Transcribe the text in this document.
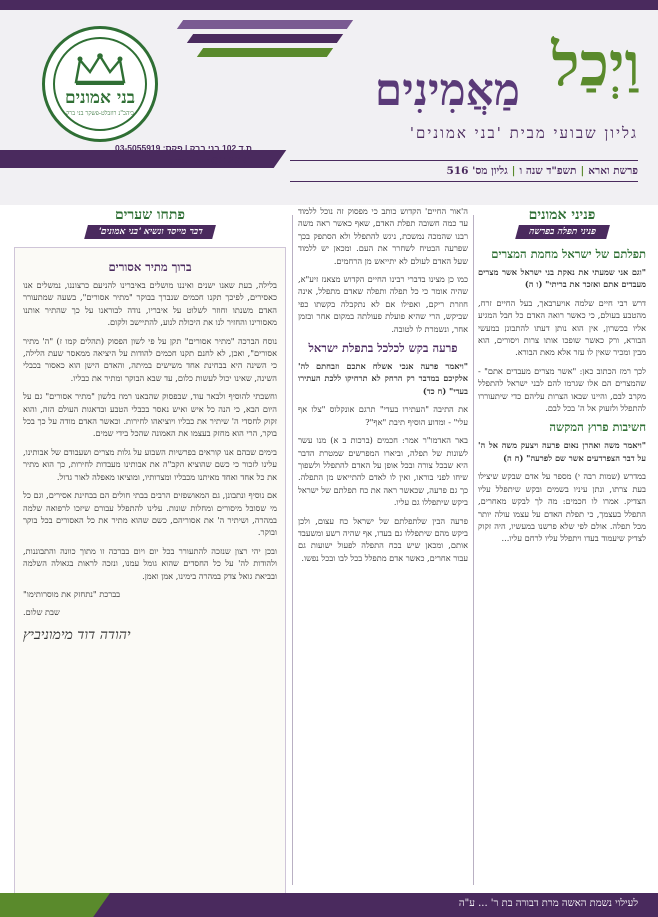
בני אמונים
ביהכ"נ רוזבלט-פשקר בני ברק
ת.ד 102 בני ברק | פקס: 03-5055919
9139191@gmail.com
וַיְכַל
מַאֲמִינִים
גליון שבועי מבית 'בני אמונים'
פרשת וארא|תשפ"ד שנה ו|גליון מס' 516
פניני אמונים
פניני תפלה בפרשה
תפלתם של ישראל מחמת המצרים

"וגם אני שמעתי את נאקת בני ישראל אשר מצרים מעבדים אתם ואזכר את בריתי" (ו ה)

דרש רבי חיים שלמה אויערבאך, בעל החיים זרח, מהטבע בעולם, כי כאשר רואה האדם כל חבל המגיע אליו בכשרון, אין הוא נותן דעתו להתבונן במעשי הבורא, ורק כאשר שופכו אותו צרות ויסורים, הוא מבין ומכיר שאין לו עזר אלא מאת הבורא.

לכך רמז הכתוב כאן: "אשר מצרים מעבדים אתם" - שהמצרים הם אלו שגרמו להם לבני ישראל להתפלל מקרב לבם, והיינו שבאו הצרות עליהם כדי שיתעוררו להתפלל ולזעוק אל ה' בכל לבם.

חשיבות פרוץ המקשה

"ויאמר משה ואהרן נאום פרעה ויצעק משה אל ה' על דבר הצפרדעים אשר שם לפרעה" (ח ה)

במדרש (שמות רבה י) מספר על אדם שבקש שיצילו בעת צרתו, ונתן עיניו בשמים ובקש שיתפלל עליו הצדיק. אמרו לו חכמים: מה לך לבקש מאחרים, התפלל בעצמך, כי תפלת האדם על עצמו עולה יותר מכל תפלה. אולם לפי שלא פרשנו במעשיו, היה זקוק לצדיק שיעמוד בעדו ויתפלל עליו לרחם עליו...

ה'אור החיים' הקדוש כותב כי מפסוק זה נוכל ללמוד עד כמה חשובה תפלת האדם, שאף כאשר ראה משה רבנו שהמכה נמשכת, ניגש להתפלל ולא הסתפק בכך שפרעה הבטיח לשחרר את העם. ומכאן יש ללמוד שעל האדם לעולם לא יתייאש מן הרחמים.

כמו כן מצינו בדברי רבינו החיים הקדוש מצאנז זיע"א, שהיה אומר כי כל תפלה ותפלה שאדם מתפלל, אינה חוזרת ריקם, ואפילו אם לא נתקבלה בקשתו כפי שביקש, הרי שהיא פועלת פעולתה במקום אחר ובזמן אחר, ונשמרת לו לטובה.

פרעה בקש לכלכל בתפלת ישראל

"ויאמר פרעה אנכי אשלח אתכם וזבחתם לה' אלקיכם במדבר רק הרחק לא תרחיקו ללכת העתירו בעדי" (ח כד)

את התיבה "העתירו בעדי" תרגם אונקלוס "צלו אף עלי" - ומדוע הוסיף תיבת "אף"?

באר האדמו"ר אמר: חכמים (ברכות ב א) מנו עשר לשונות של תפלה, וביארו המפרשים שמטרת הדבר היא שבכל צורה ובכל אופן על האדם להתפלל ולשפוך שיחו לפני בוראו, ואין לו לאדם להתייאש מן התפלה. כך גם פרעה, שכאשר ראה את כח תפלתם של ישראל ביקש שיתפללו גם עליו.

פרעה הבין שלתפלתם של ישראל כח עצום, ולכן ביקש מהם שיתפללו גם בעדו, אף שהיה רשע ומשעבד אותם, ומכאן שיש בכח התפלה לפעול ישועות גם עבור אחרים, כאשר אדם מתפלל בכל לבו ובכל נפשו.

פתחו שערים
דבר מייסד ונשיא 'בני אמונים'
ברוך מתיר אסורים

בלילה, בעת שאנו ישנים ואיננו מושלים באיברינו להניעם כרצוננו, נמשלים אנו כאסירים, לפיכך תקנו חכמים שנברך בבוקר "מתיר אסורים", בשעה שמתעורר האדם משנתו וחוזר לשלוט על איבריו, נודה לבוראנו על כך שהתיר אותנו מאסורינו והחזיר לנו את היכולת לנוע, להתיישב ולקום.

נוסח הברכה "מתיר אסורים" תקן על פי לשון הפסוק (תהלים קמו ז) "ה' מתיר אסורים", ואכן, לא לחנם תקנו חכמים להודות על היציאה ממאסר שעת הלילה, כי השינה היא בבחינת אחד משישים במיתה, והאדם הישן הוא כאסור בכבלי השינה, שאינו יכול לעשות כלום, עד שבא הבוקר ומתיר את כבליו.

וחשבתי להוסיף ולבאר עוד, שבפסוק שהבאנו רמוז בלשון "מתיר אסורים" גם על היום הבא, כי הנה כל איש ואיש נאסר בכבלי הטבע ובדאגות העולם הזה, והוא זקוק לחסדי ה' שיתיר את כבליו ויוציאהו לחירות. וכאשר האדם מודה על כך בכל בוקר, הרי הוא מחזק בעצמו את האמונה שהכל בידי שמים.

בימים שבהם אנו קוראים בפרשיות השבוע על גלות מצרים ושעבודם של אבותינו, עלינו לזכור כי כשם שהוציא הקב"ה את אבותינו מעבדות לחירות, כך הוא מתיר את כל אחד ואחד מאיתנו מכבליו ומצרותיו, ומוציאו מאפלה לאור גדול.

אם נוסיף ונתבונן, גם המאושפזים הרבים בבתי חולים הם בבחינת אסירים, וגם כל מי שסובל מיסורים ומחלות שונות. עלינו להתפלל עבורם שיזכו לרפואה שלמה במהרה, ושיתיר ה' את אסוריהם, כשם שהוא מתיר את כל האסורים בכל בוקר ובוקר.

ובכן יהי רצון שנזכה להתעורר בכל יום ויום בברכה זו מתוך כוונה והתבוננות, ולהודות לה' על כל החסדים שהוא גומל עמנו, ונזכה לראות בגאולה השלמה ובביאת גואל צדק במהרה בימינו, אמן ואמן.

בברכת "נתחזק את מוסרותימו"
שבת שלום.
יהודה דוד מימוניביץ
לעילוי נשמת האשה מרת דבורה בת ר' ... ע"ה
